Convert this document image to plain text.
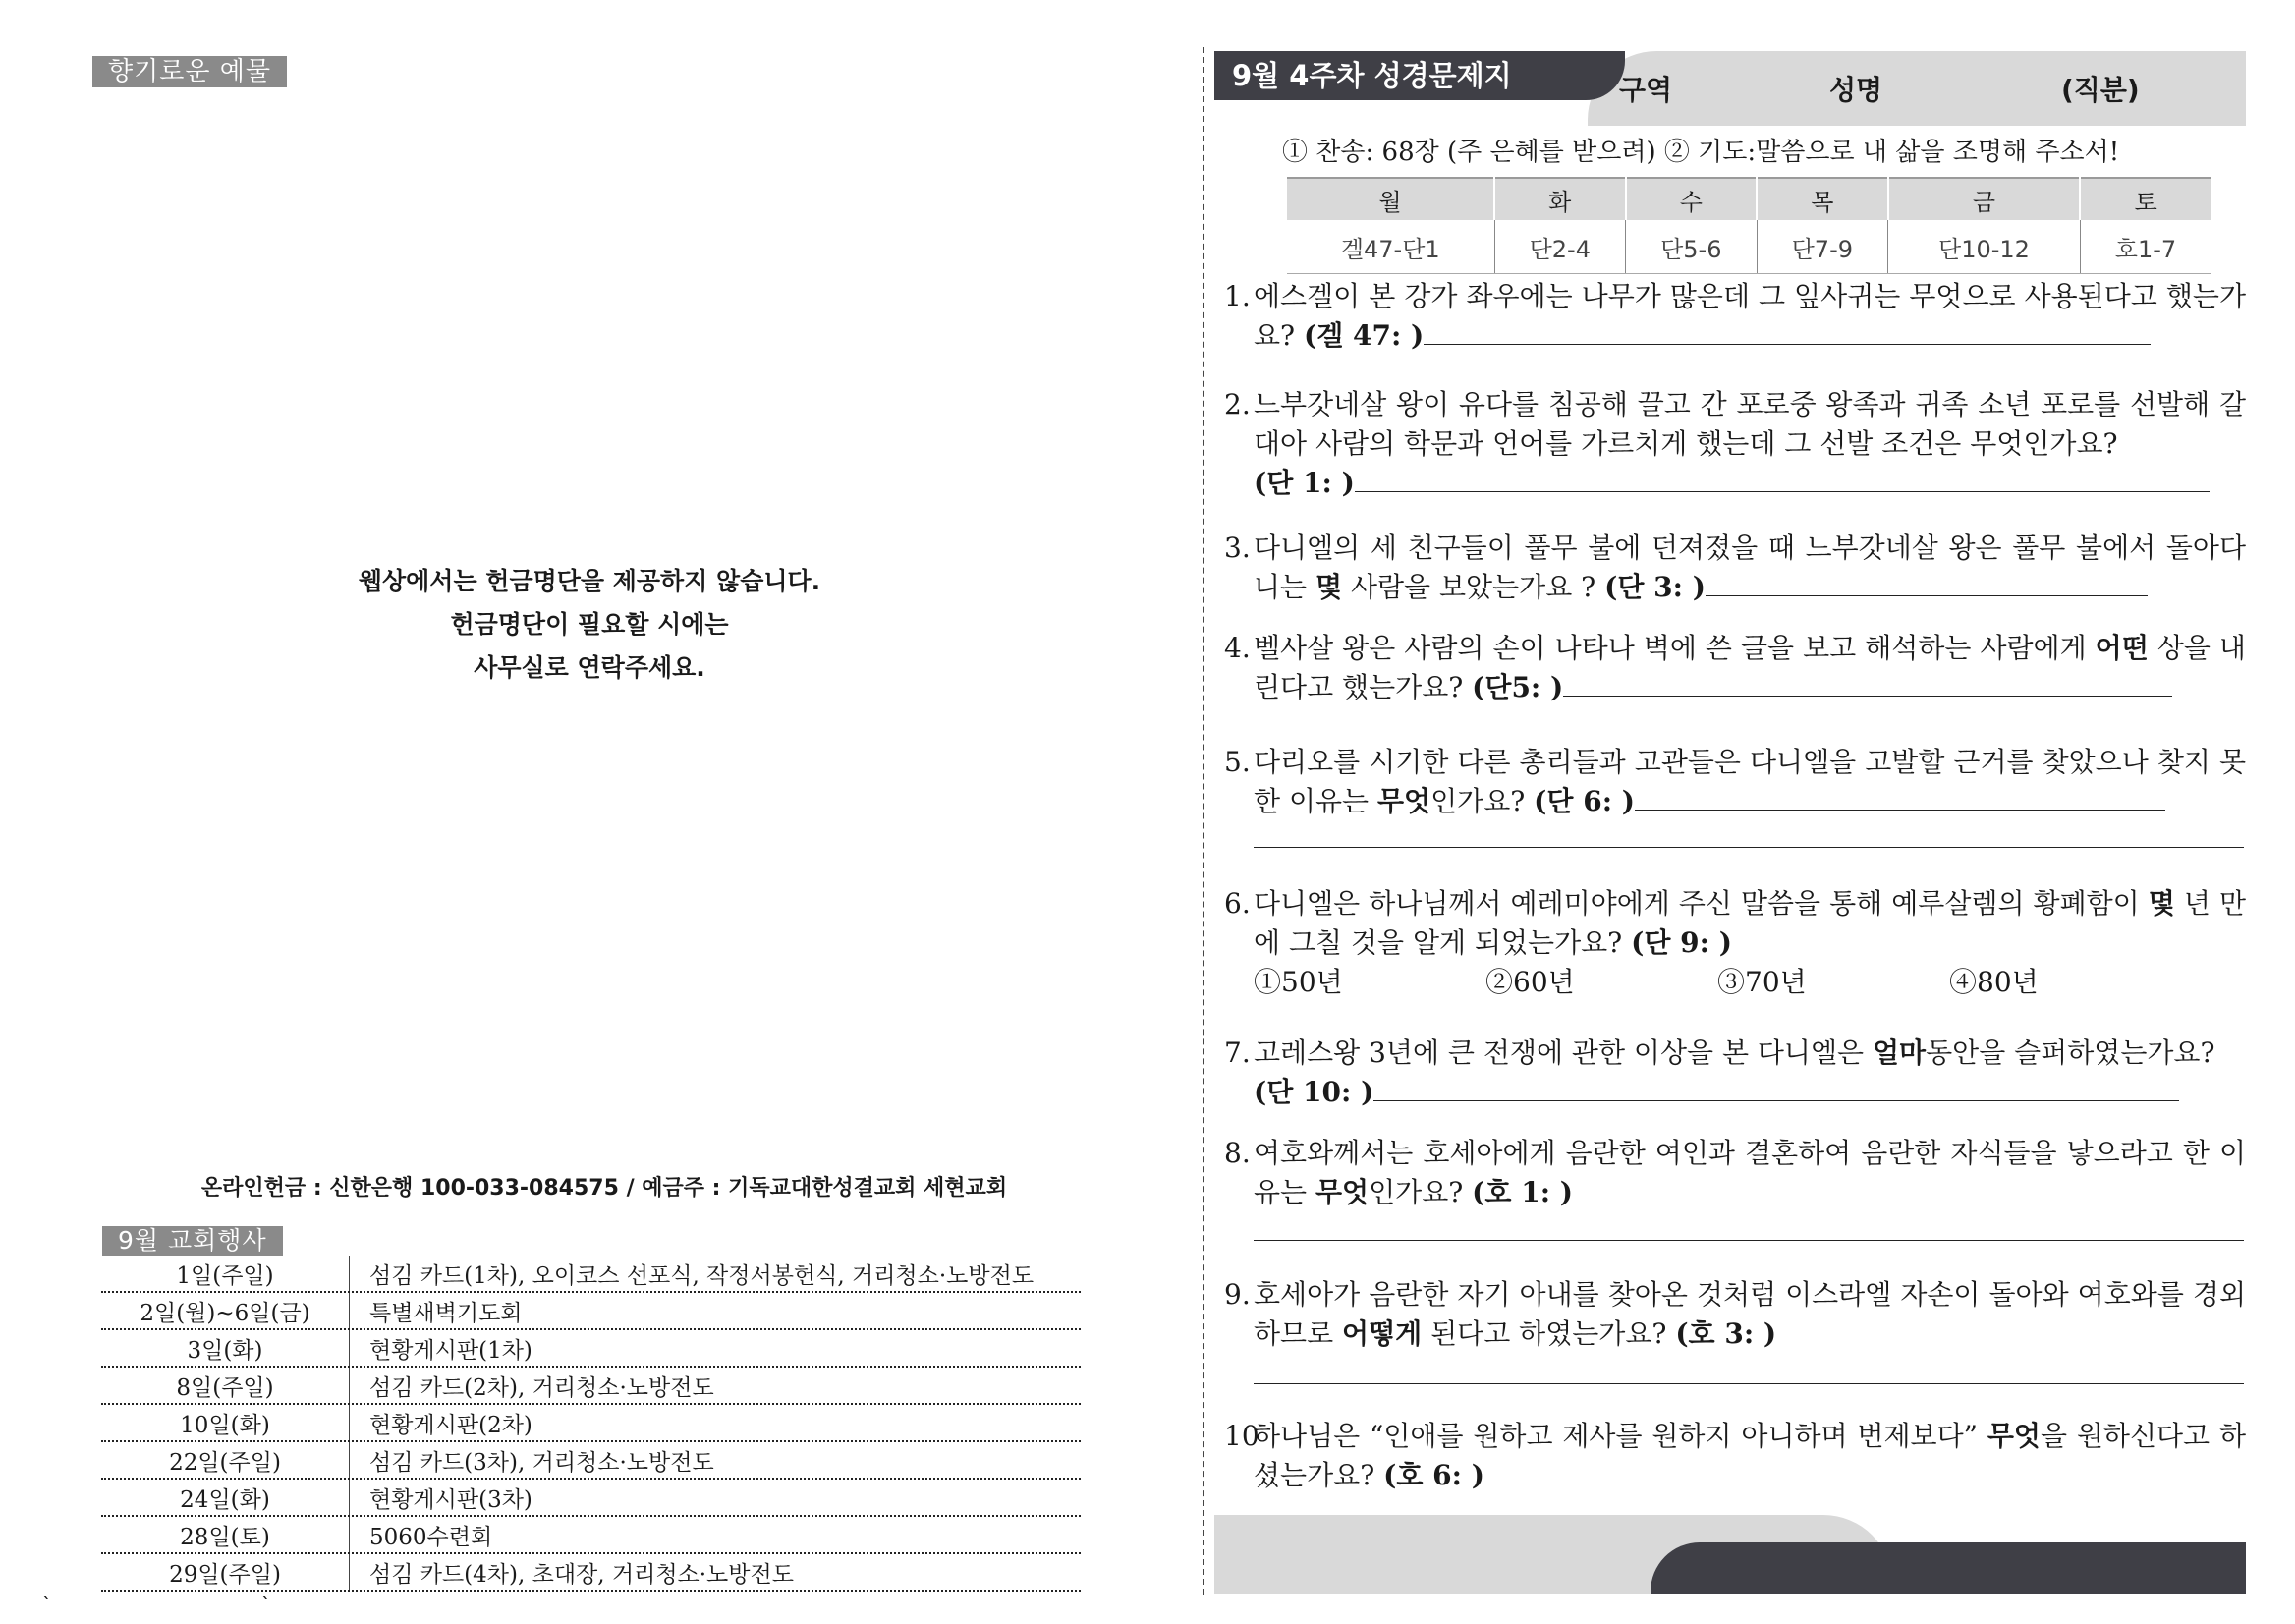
향기로운 예물
웹상에서는 헌금명단을 제공하지 않습니다.
헌금명단이 필요할 시에는
사무실로 연락주세요.
온라인헌금 : 신한은행 100-033-084575 / 예금주 : 기독교대한성결교회 세현교회
9월 교회행사
1일(주일)	섬김 카드(1차), 오이코스 선포식, 작정서봉헌식, 거리청소·노방전도
2일(월)~6일(금)	특별새벽기도회
3일(화)	현황게시판(1차)
8일(주일)	섬김 카드(2차), 거리청소·노방전도
10일(화)	현황게시판(2차)
22일(주일)	섬김 카드(3차), 거리청소·노방전도
24일(화)	현황게시판(3차)
28일(토)	5060수련회
29일(주일)	섬김 카드(4차), 초대장, 거리청소·노방전도
`	`
9월 4주차 성경문제지	구역	성명	(직분)
① 찬송: 68장 (주 은혜를 받으려) ② 기도:말씀으로 내 삶을 조명해 주소서!
월	화	수	목	금	토
겔47-단1	단2-4	단5-6	단7-9	단10-12	호1-7
1. 에스겔이 본 강가 좌우에는 나무가 많은데 그 잎사귀는 무엇으로 사용된다고 했는가요? (겔 47: )
2. 느부갓네살 왕이 유다를 침공해 끌고 간 포로중 왕족과 귀족 소년 포로를 선발해 갈대아 사람의 학문과 언어를 가르치게 했는데 그 선발 조건은 무엇인가요?
(단 1: )
3. 다니엘의 세 친구들이 풀무 불에 던져졌을 때 느부갓네살 왕은 풀무 불에서 돌아다니는 몇 사람을 보았는가요 ? (단 3: )
4. 벨사살 왕은 사람의 손이 나타나 벽에 쓴 글을 보고 해석하는 사람에게 어떤 상을 내린다고 했는가요? (단5: )
5. 다리오를 시기한 다른 총리들과 고관들은 다니엘을 고발할 근거를 찾았으나 찾지 못한 이유는 무엇인가요? (단 6: )
6. 다니엘은 하나님께서 예레미야에게 주신 말씀을 통해 예루살렘의 황폐함이 몇 년 만에 그칠 것을 알게 되었는가요? (단 9: )
①50년	②60년	③70년	④80년
7. 고레스왕 3년에 큰 전쟁에 관한 이상을 본 다니엘은 얼마동안을 슬퍼하였는가요?
(단 10: )
8. 여호와께서는 호세아에게 음란한 여인과 결혼하여 음란한 자식들을 낳으라고 한 이유는 무엇인가요? (호 1: )
9. 호세아가 음란한 자기 아내를 찾아온 것처럼 이스라엘 자손이 돌아와 여호와를 경외하므로 어떻게 된다고 하였는가요? (호 3: )
10
하나님은 “인애를 원하고 제사를 원하지 아니하며 번제보다” 무엇을 원하신다고 하셨는가요? (호 6: )
